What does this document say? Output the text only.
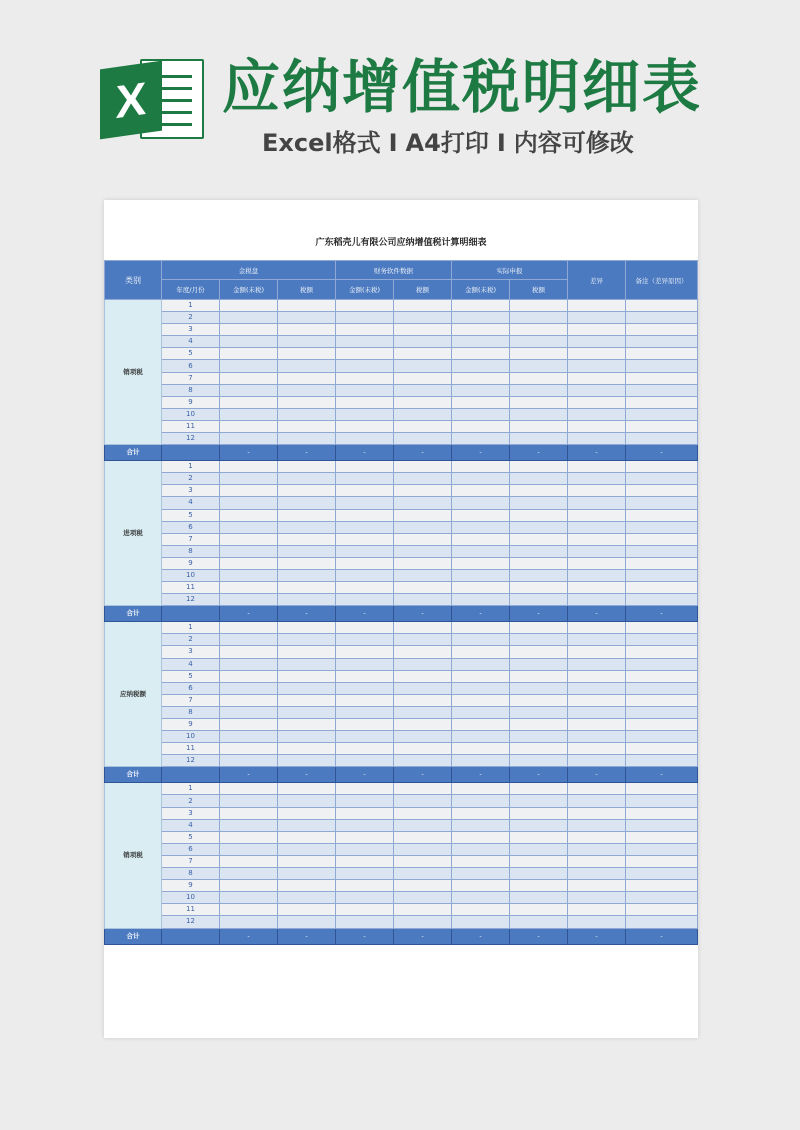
X 应纳增值税明细表
Excel格式 I A4打印 I 内容可修改
广东稻壳儿有限公司应纳增值税计算明细表
类别	金税盘			财务软件数据		实际申报		差异	备注（差异原因）
	年度/月份	金额(未税)	税额	金额(未税)	税额	金额(未税)	税额		
销项税	1								
	2								
	3								
	4								
	5								
	6								
	7								
	8								
	9								
	10								
	11								
	12								
合计		-	-	-	-	-	-	-	-
进项税	1								
	2								
	3								
	4								
	5								
	6								
	7								
	8								
	9								
	10								
	11								
	12								
合计		-	-	-	-	-	-	-	-
应纳税额	1								
	2								
	3								
	4								
	5								
	6								
	7								
	8								
	9								
	10								
	11								
	12								
合计		-	-	-	-	-	-	-	-
销项税	1								
	2								
	3								
	4								
	5								
	6								
	7								
	8								
	9								
	10								
	11								
	12								
合计		-	-	-	-	-	-	-	-
